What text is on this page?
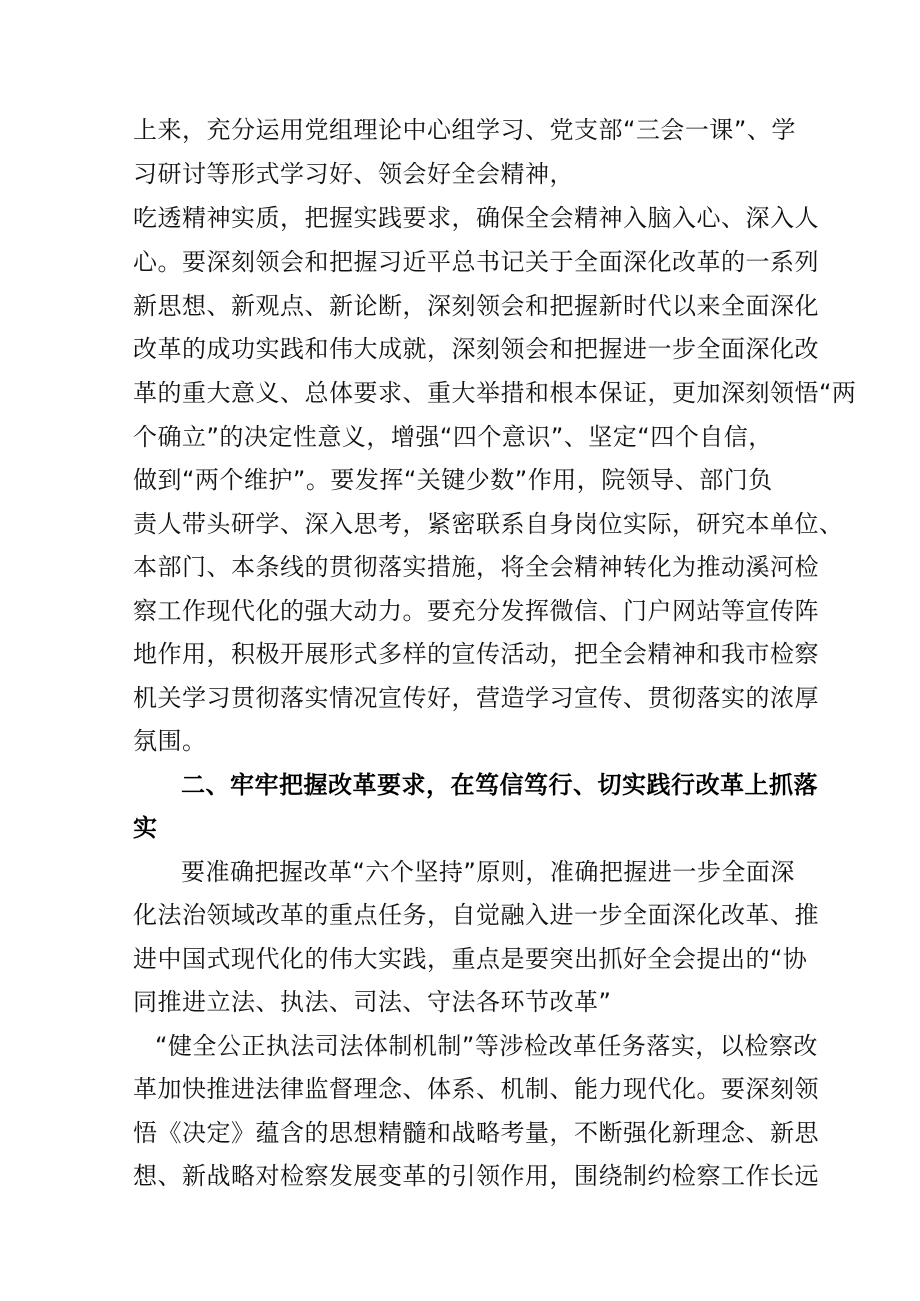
上来，充分运用党组理论中心组学习、党支部“三会一课”、学
习研讨等形式学习好、领会好全会精神，
吃透精神实质，把握实践要求，确保全会精神入脑入心、深入人
心。要深刻领会和把握习近平总书记关于全面深化改革的一系列
新思想、新观点、新论断，深刻领会和把握新时代以来全面深化
改革的成功实践和伟大成就，深刻领会和把握进一步全面深化改
革的重大意义、总体要求、重大举措和根本保证，更加深刻领悟“两
个确立”的决定性意义，增强“四个意识”、坚定“四个自信，
做到“两个维护”。要发挥“关键少数”作用，院领导、部门负
责人带头研学、深入思考，紧密联系自身岗位实际，研究本单位、
本部门、本条线的贯彻落实措施，将全会精神转化为推动溪河检
察工作现代化的强大动力。要充分发挥微信、门户网站等宣传阵
地作用，积极开展形式多样的宣传活动，把全会精神和我市检察
机关学习贯彻落实情况宣传好，营造学习宣传、贯彻落实的浓厚
氛围。
二、牢牢把握改革要求，在笃信笃行、切实践行改革上抓落
实
要准确把握改革“六个坚持”原则，准确把握进一步全面深
化法治领域改革的重点任务，自觉融入进一步全面深化改革、推
进中国式现代化的伟大实践，重点是要突出抓好全会提出的“协
同推进立法、执法、司法、守法各环节改革”
“健全公正执法司法体制机制”等涉检改革任务落实，以检察改
革加快推进法律监督理念、体系、机制、能力现代化。要深刻领
悟《决定》蕴含的思想精髓和战略考量，不断强化新理念、新思
想、新战略对检察发展变革的引领作用，围绕制约检察工作长远
